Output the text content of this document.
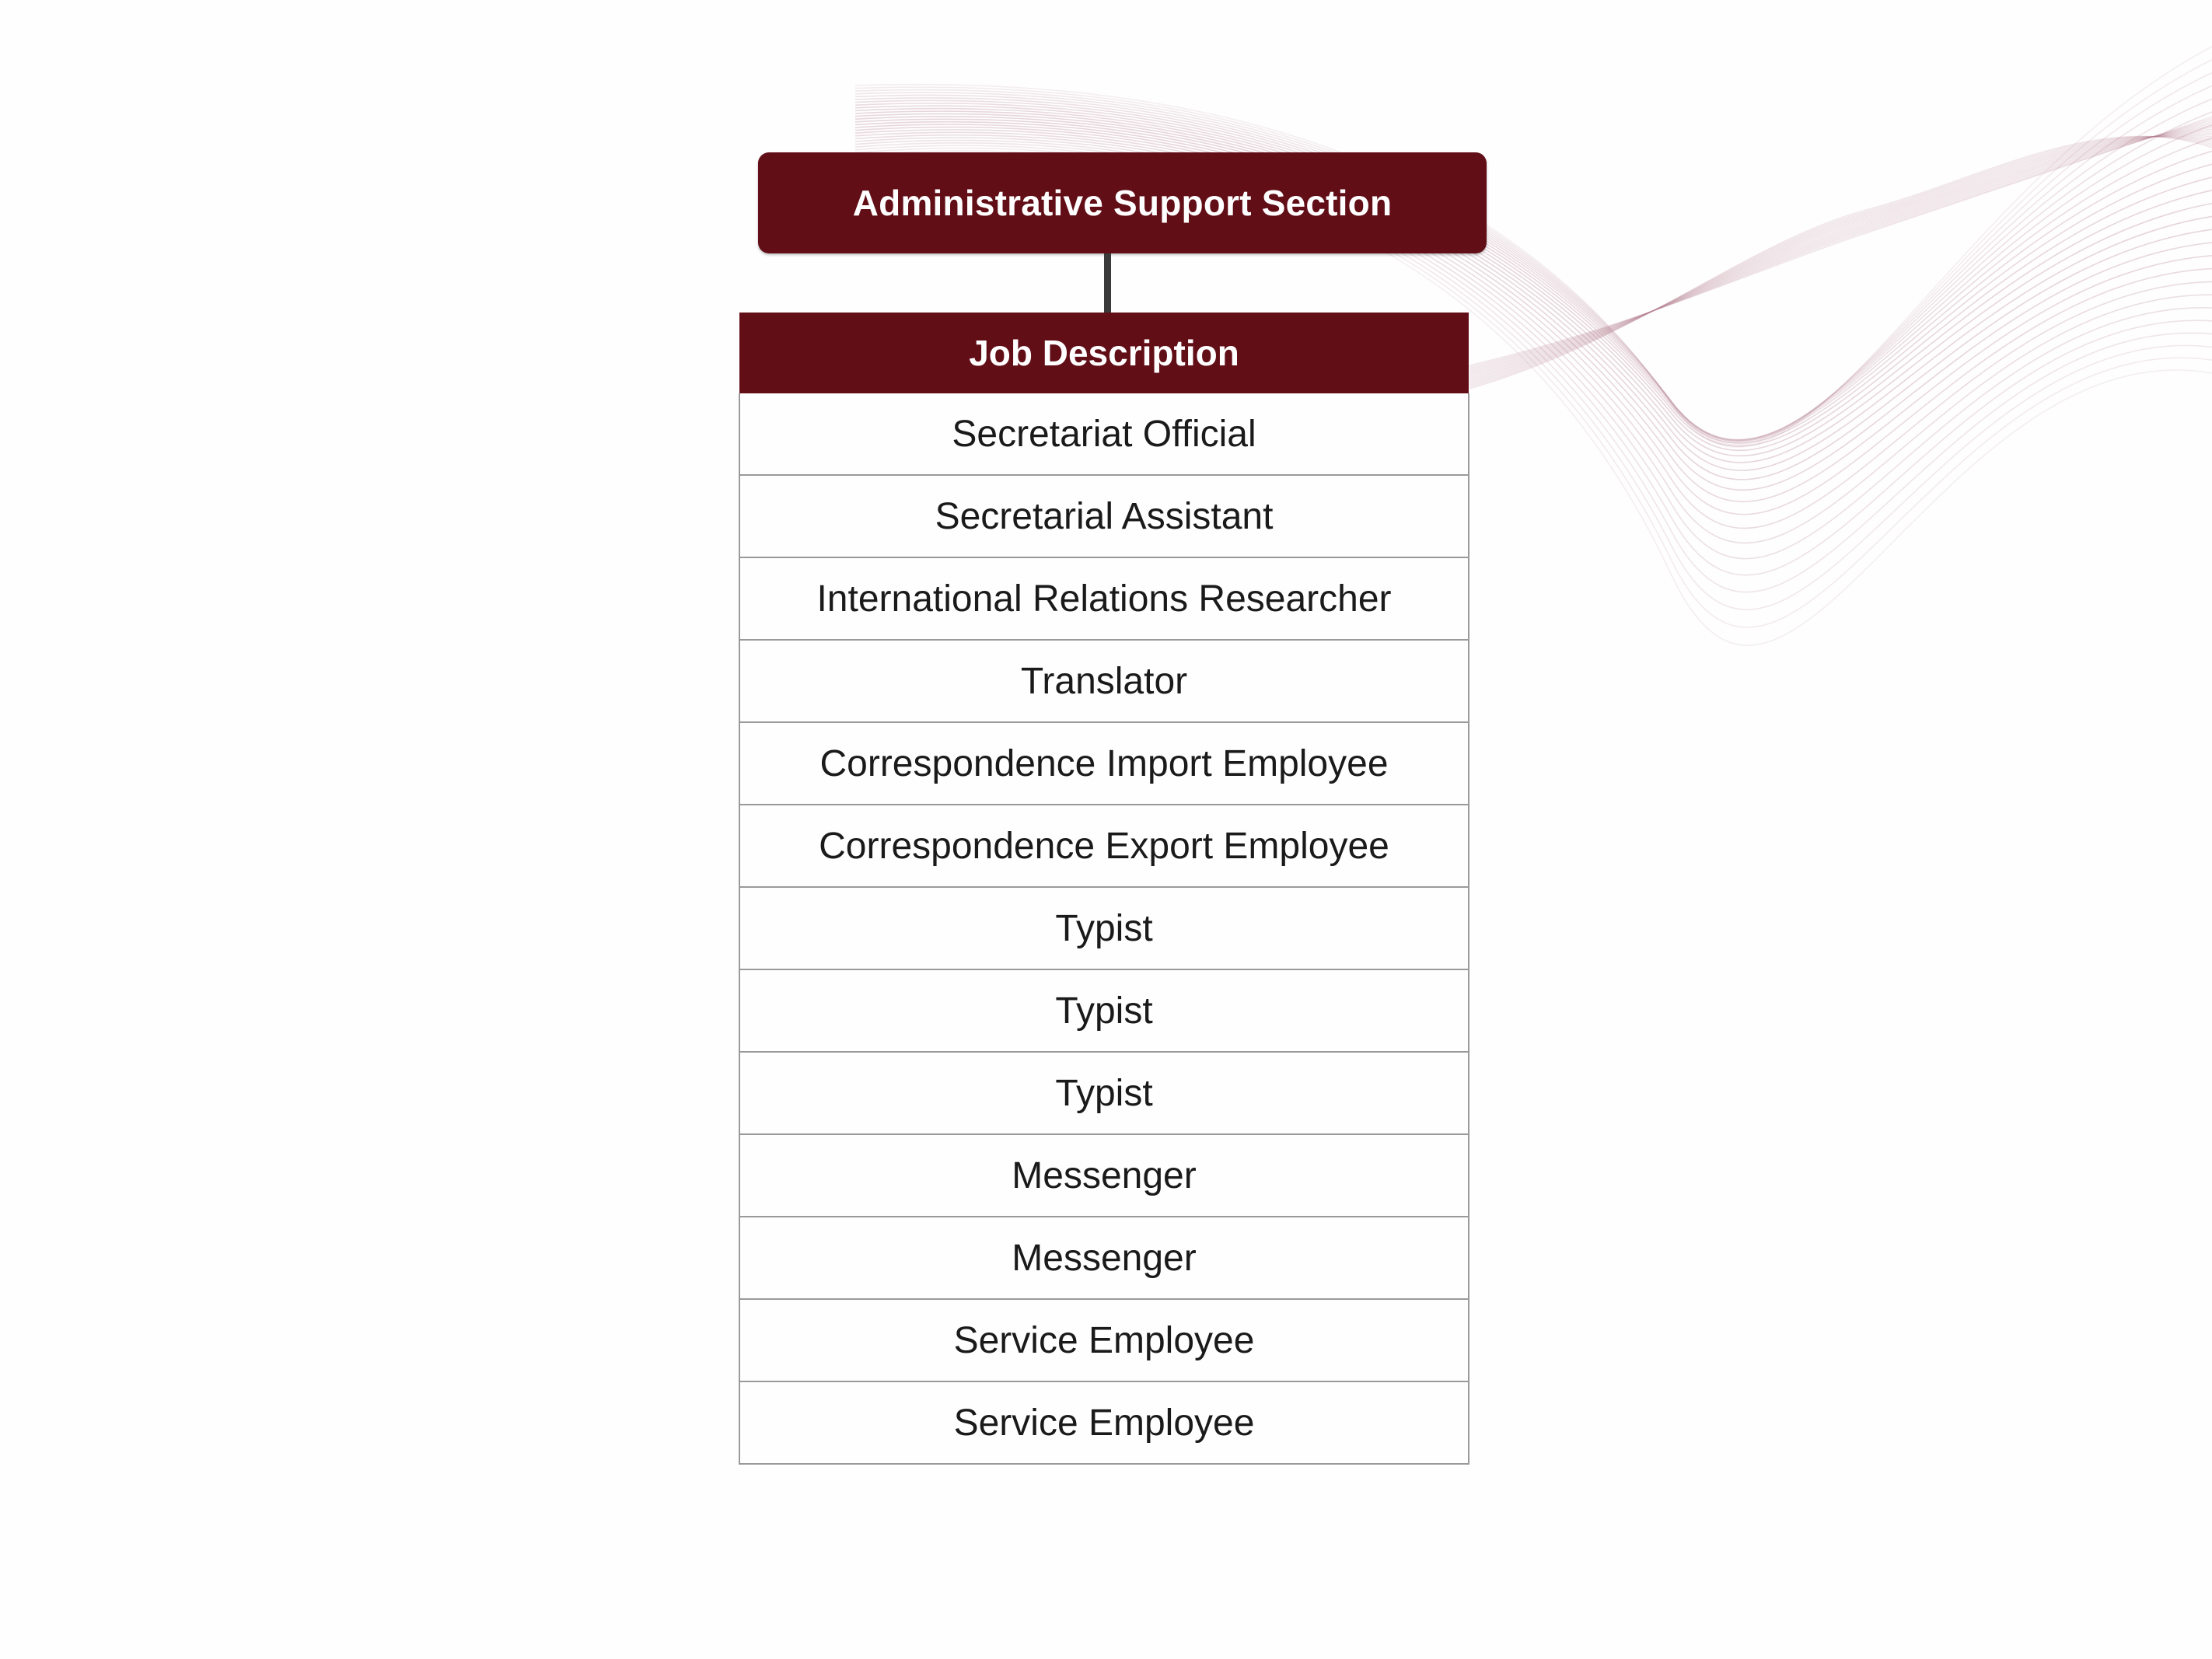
Administrative Support Section
Job Description
Secretariat Official
Secretarial Assistant
International Relations Researcher
Translator
Correspondence Import Employee
Correspondence Export Employee
Typist
Typist
Typist
Messenger
Messenger
Service Employee
Service Employee
